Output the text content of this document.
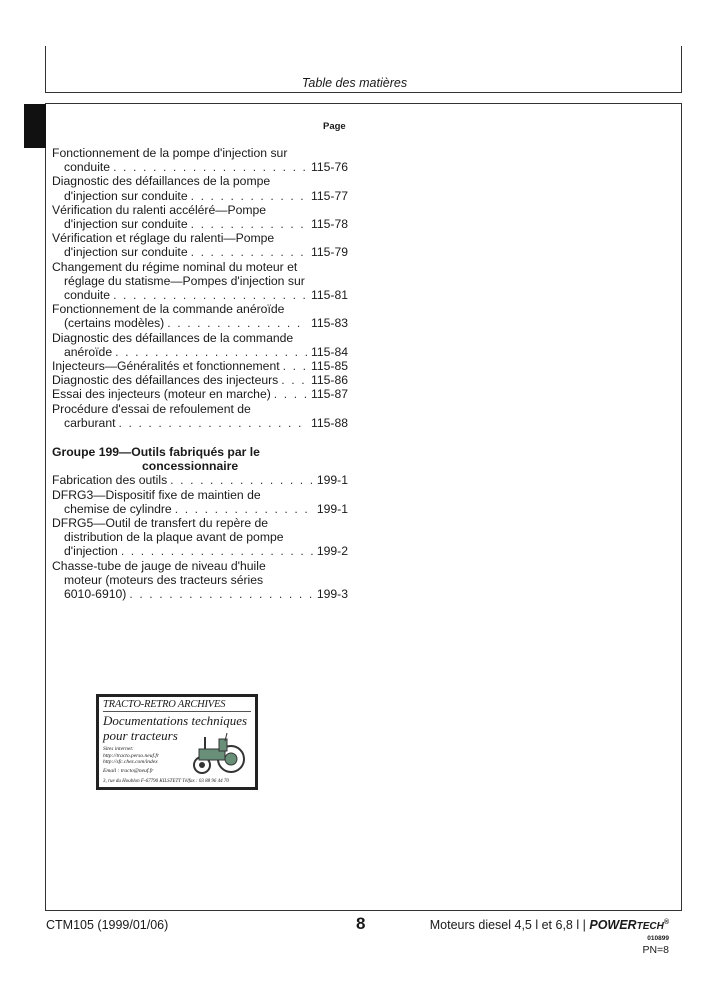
Table des matières
Page
Fonctionnement de la pompe d'injection sur
conduite . . .	115-76
Diagnostic des défaillances de la pompe
d'injection sur conduite . . .	115-77
Vérification du ralenti accéléré—Pompe
d'injection sur conduite . . .	115-78
Vérification et réglage du ralenti—Pompe
d'injection sur conduite . . .	115-79
Changement du régime nominal du moteur et
réglage du statisme—Pompes d'injection sur
conduite . . .	115-81
Fonctionnement de la commande anéroïde
(certains modèles) . . .	115-83
Diagnostic des défaillances de la commande
anéroïde . . .	115-84
Injecteurs—Généralités et fonctionnement . . .	115-85
Diagnostic des défaillances des injecteurs . . .	115-86
Essai des injecteurs (moteur en marche) . . .	115-87
Procédure d'essai de refoulement de
carburant . . .	115-88
Groupe 199—Outils fabriqués par le
concessionnaire
Fabrication des outils . . .	199-1
DFRG3—Dispositif fixe de maintien de
chemise de cylindre . . .	199-1
DFRG5—Outil de transfert du repère de
distribution de la plaque avant de pompe
d'injection . . .	199-2
Chasse-tube de jauge de niveau d'huile
moteur (moteurs des tracteurs séries
6010-6910) . . .	199-3
TRACTO-RETRO ARCHIVES
Documentations techniques
pour tracteurs
Sites internet:
http://tracto.perso.neuf.fr
http://sfc.chez.com/index
Email : tracto@neuf.fr
3, rue du Houblon F-67790 KILSTETT Télfax : 03 88 96 44 70
CTM105 (1999/01/06)	8	Moteurs diesel 4,5 l et 6,8 l | POWERTECH®
010899
PN=8
